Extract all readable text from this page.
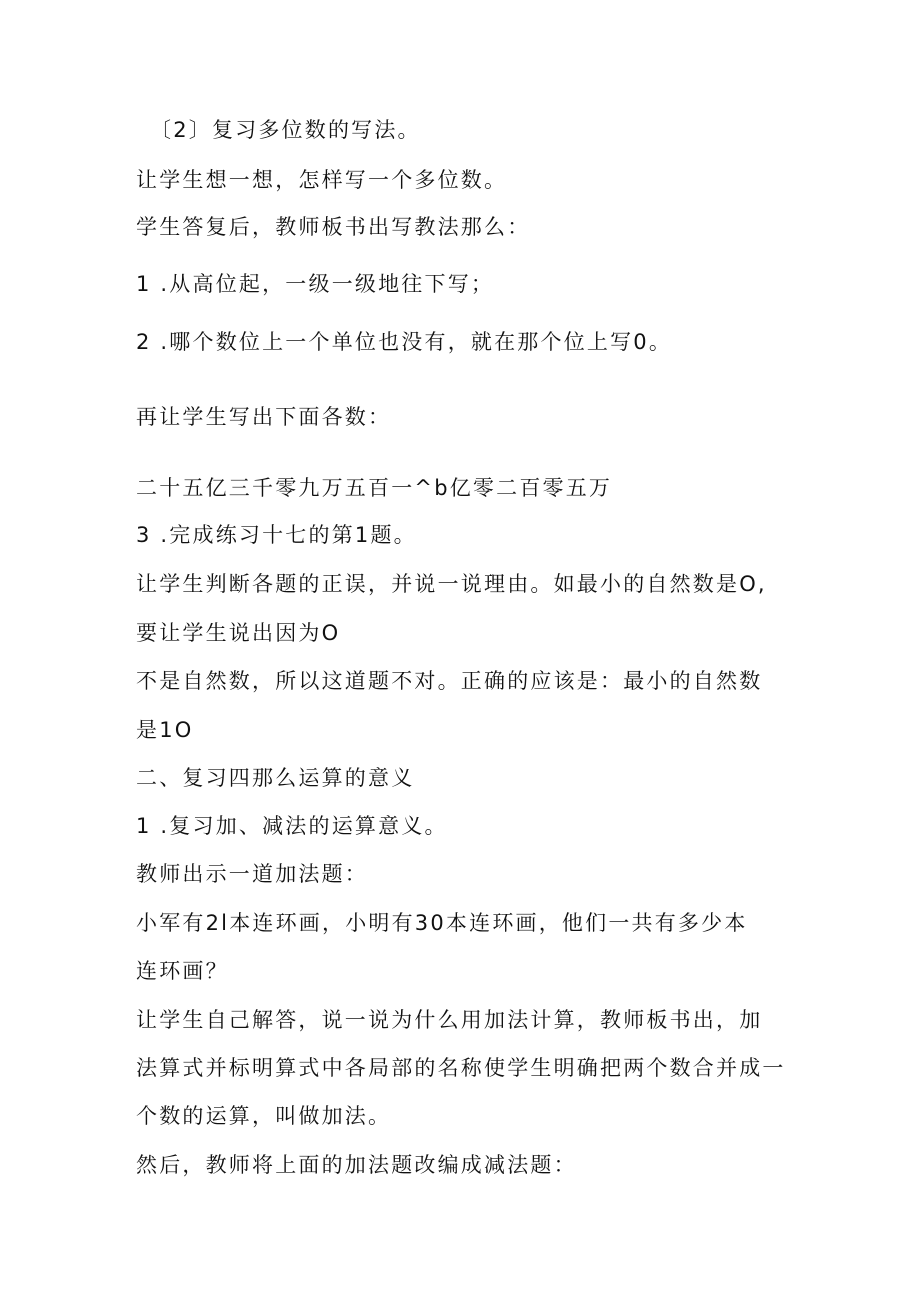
〔2〕复习多位数的写法。
让学生想一想，怎样写一个多位数。
学生答复后，教师板书出写教法那么：
1 .从高位起，一级一级地往下写；
2 .哪个数位上一个单位也没有，就在那个位上写0。
再让学生写出下面各数：
二十五亿三千零九万五百一^b亿零二百零五万
3 .完成练习十七的第1题。
让学生判断各题的正误，并说一说理由。如最小的自然数是O,
要让学生说出因为O
不是自然数，所以这道题不对。正确的应该是：最小的自然数
是1O
二、复习四那么运算的意义
1 .复习加、减法的运算意义。
教师出示一道加法题：
小军有2l本连环画，小明有30本连环画，他们一共有多少本
连环画？
让学生自己解答，说一说为什么用加法计算，教师板书出，加
法算式并标明算式中各局部的名称使学生明确把两个数合并成一
个数的运算，叫做加法。
然后，教师将上面的加法题改编成减法题：
